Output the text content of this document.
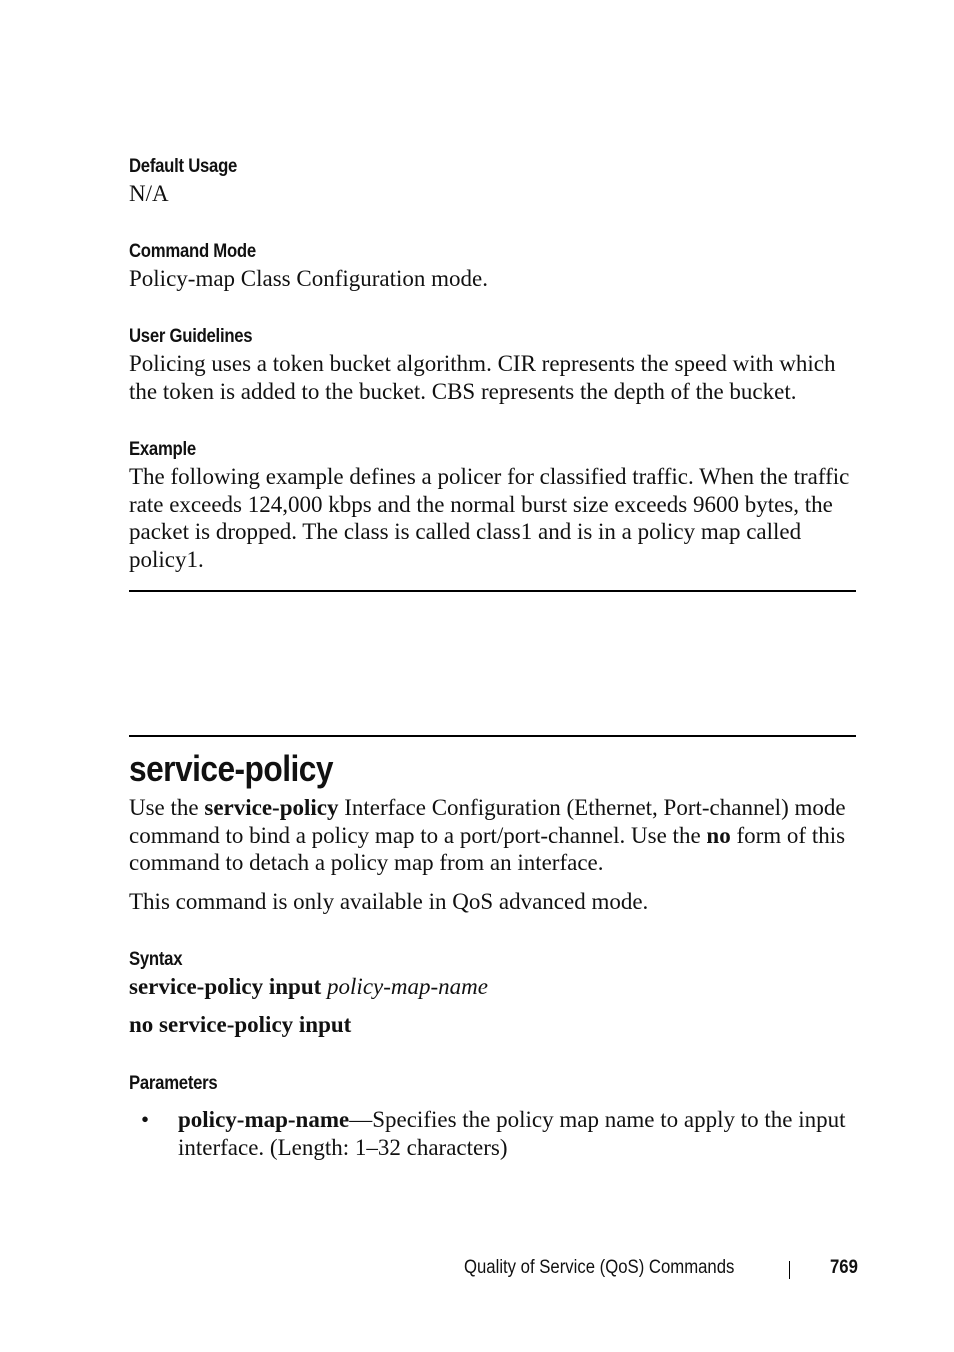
Default Usage
N/A
Command Mode
Policy-map Class Configuration mode.
User Guidelines
Policing uses a token bucket algorithm. CIR represents the speed with which the token is added to the bucket. CBS represents the depth of the bucket.
Example
The following example defines a policer for classified traffic. When the traffic rate exceeds 124,000 kbps and the normal burst size exceeds 9600 bytes, the packet is dropped. The class is called class1 and is in a policy map called policy1.
service-policy
Use the service-policy Interface Configuration (Ethernet, Port-channel) mode command to bind a policy map to a port/port-channel. Use the no form of this command to detach a policy map from an interface.
This command is only available in QoS advanced mode.
Syntax
service-policy input policy-map-name
no service-policy input
Parameters
• policy-map-name—Specifies the policy map name to apply to the input interface. (Length: 1–32 characters)
Quality of Service (QoS) Commands	769
